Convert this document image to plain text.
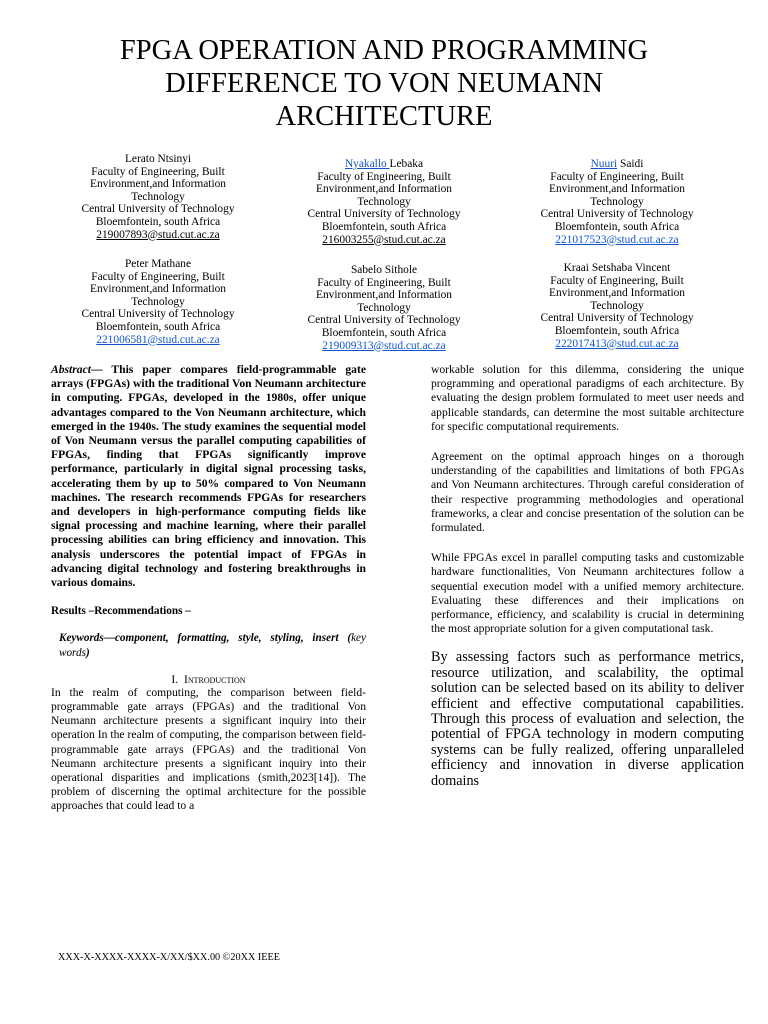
FPGA OPERATION AND PROGRAMMING DIFFERENCE TO VON NEUMANN ARCHITECTURE
Lerato Ntsinyi
Faculty of Engineering, Built Environment,and Information Technology
Central University of Technology
Bloemfontein, south Africa
219007893@stud.cut.ac.za
Nyakallo Lebaka
Faculty of Engineering, Built Environment,and Information Technology
Central University of Technology
Bloemfontein, south Africa
216003255@stud.cut.ac.za
Nuuri Saidi
Faculty of Engineering, Built Environment,and Information Technology
Central University of Technology
Bloemfontein, south Africa
221017523@stud.cut.ac.za
Peter Mathane
Faculty of Engineering, Built Environment,and Information Technology
Central University of Technology
Bloemfontein, south Africa
221006581@stud.cut.ac.za
Sabelo Sithole
Faculty of Engineering, Built Environment,and Information Technology
Central University of Technology
Bloemfontein, south Africa
219009313@stud.cut.ac.za
Kraai Setshaba Vincent
Faculty of Engineering, Built Environment,and Information Technology
Central University of Technology
Bloemfontein, south Africa
222017413@stud.cut.ac.za

Abstract— This paper compares field-programmable gate arrays (FPGAs) with the traditional Von Neumann architecture in computing. FPGAs, developed in the 1980s, offer unique advantages compared to the Von Neumann architecture, which emerged in the 1940s. The study examines the sequential model of Von Neumann versus the parallel computing capabilities of FPGAs, finding that FPGAs significantly improve performance, particularly in digital signal processing tasks, accelerating them by up to 50% compared to Von Neumann machines. The research recommends FPGAs for researchers and developers in high-performance computing fields like signal processing and machine learning, where their parallel processing abilities can bring efficiency and innovation. This analysis underscores the potential impact of FPGAs in advancing digital technology and fostering breakthroughs in various domains.

Results –Recommendations –

Keywords—component, formatting, style, styling, insert (key words)

I. Introduction

In the realm of computing, the comparison between field-programmable gate arrays (FPGAs) and the traditional Von Neumann architecture presents a significant inquiry into their operation In the realm of computing, the comparison between field- programmable gate arrays (FPGAs) and the traditional Von Neumann architecture presents a significant inquiry into their operational disparities and implications (smith,2023[14]). The problem of discerning the optimal architecture for the possible approaches that could lead to a

workable solution for this dilemma, considering the unique programming and operational paradigms of each architecture. By evaluating the design problem formulated to meet user needs and applicable standards, can determine the most suitable architecture for specific computational requirements.

Agreement on the optimal approach hinges on a thorough understanding of the capabilities and limitations of both FPGAs and Von Neumann architectures. Through careful consideration of their respective programming methodologies and operational frameworks, a clear and concise presentation of the solution can be formulated.

While FPGAs excel in parallel computing tasks and customizable hardware functionalities, Von Neumann architectures follow a sequential execution model with a unified memory architecture. Evaluating these differences and their implications on performance, efficiency, and scalability is crucial in determining the most appropriate solution for a given computational task.

By assessing factors such as performance metrics, resource utilization, and scalability, the optimal solution can be selected based on its ability to deliver efficient and effective computational capabilities. Through this process of evaluation and selection, the potential of FPGA technology in modern computing systems can be fully realized, offering unparalleled efficiency and innovation in diverse application domains

XXX-X-XXXX-XXXX-X/XX/$XX.00 ©20XX IEEE
